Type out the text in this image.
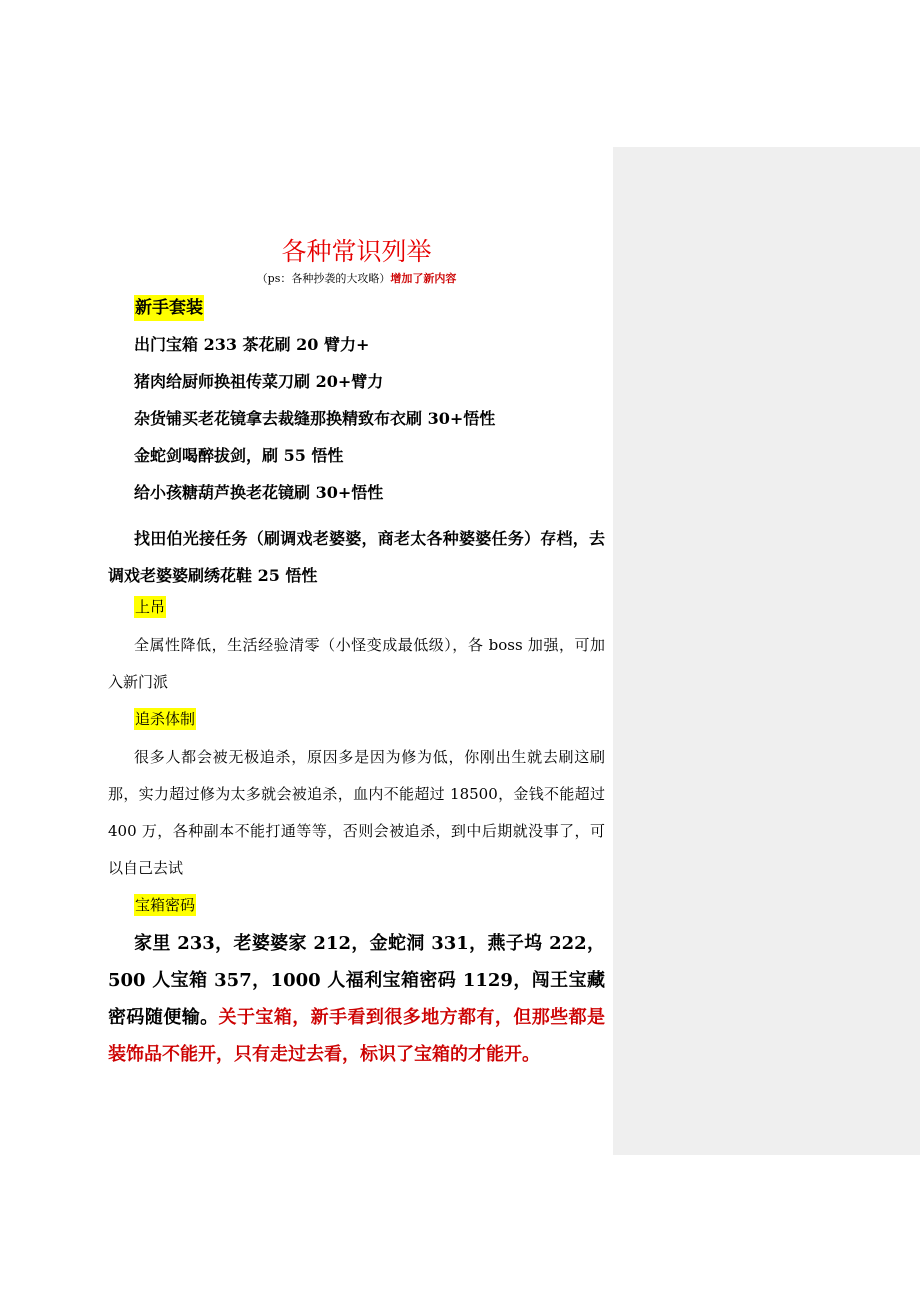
各种常识列举
（ps：各种抄袭的大攻略）增加了新内容
新手套装
出门宝箱 233 茶花刷 20 臂力+
猪肉给厨师换祖传菜刀刷 20+臂力
杂货铺买老花镜拿去裁缝那换精致布衣刷 30+悟性
金蛇剑喝醉拔剑，刷 55 悟性
给小孩糖葫芦换老花镜刷 30+悟性
找田伯光接任务（刷调戏老婆婆，商老太各种婆婆任务）存档，去调戏老婆婆刷绣花鞋 25 悟性
上吊
全属性降低，生活经验清零（小怪变成最低级），各 boss 加强，可加入新门派
追杀体制
很多人都会被无极追杀，原因多是因为修为低，你刚出生就去刷这刷那，实力超过修为太多就会被追杀，血内不能超过 18500，金钱不能超过 400 万，各种副本不能打通等等，否则会被追杀，到中后期就没事了，可以自己去试
宝箱密码
家里 233，老婆婆家 212，金蛇洞 331，燕子坞 222，500 人宝箱 357，1000 人福利宝箱密码 1129，闯王宝藏密码随便输。关于宝箱，新手看到很多地方都有，但那些都是装饰品不能开，只有走过去看，标识了宝箱的才能开。
